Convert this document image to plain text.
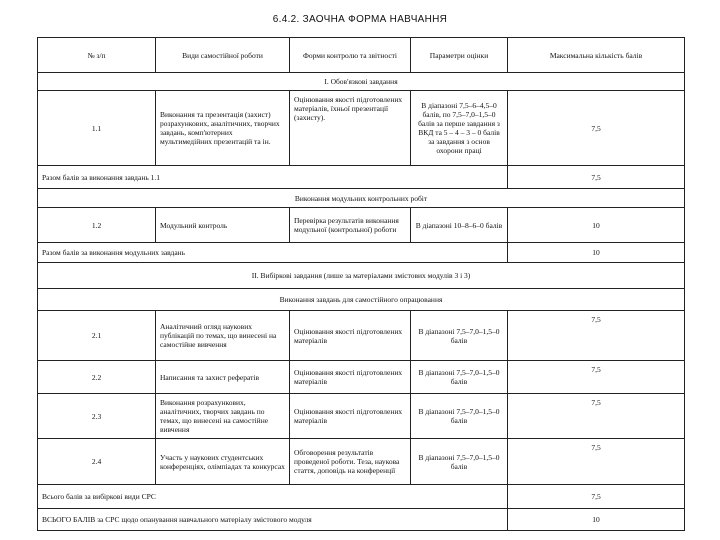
6.4.2. ЗАОЧНА ФОРМА НАВЧАННЯ
№ з/п	Види самостійної роботи	Форми контролю та звітності	Параметри оцінки	Максимальна кількість балів
І. Обов'язкові завдання				
1.1	Виконання та презентація (захист) розрахункових, аналітичних, творчих завдань, комп'ютерних мультимедійних презентацій та ін.	Оцінювання якості підготовлених матеріалів, їхньої презентації (захисту).	В діапазоні 7,5–6–4,5–0 балів, по 7,5–7,0–1,5–0 балів за перше завдання з ВКД та 5 – 4 – 3 – 0 балів за завдання з основ охорони праці	7,5
Разом балів за виконання завдань 1.1				7,5
Виконання модульних контрольних робіт				
1.2	Модульний контроль	Перевірка результатів виконання модульної (контрольної) роботи	В діапазоні 10–8–6–0 балів	10
Разом балів за виконання модульних завдань				10
ІІ. Вибіркові завдання (лише за матеріалами змістових модулів 3 і 3)				
Виконання завдань для самостійного опрацювання				
2.1	Аналітичний огляд наукових публікацій по темах, що винесені на самостійне вивчення	Оцінювання якості підготовлених матеріалів	В діапазоні 7,5–7,0–1,5–0 балів	7,5
2.2	Написання та захист рефератів	Оцінювання якості підготовлених матеріалів	В діапазоні 7,5–7,0–1,5–0 балів	7,5
2.3	Виконання розрахункових, аналітичних, творчих завдань по темах, що винесені на самостійне вивчення	Оцінювання якості підготовлених матеріалів	В діапазоні 7,5–7,0–1,5–0 балів	7,5
2.4	Участь у наукових студентських конференціях, олімпіадах та конкурсах	Обговорення результатів проведеної роботи. Теза, наукова стаття, доповідь на конференції	В діапазоні 7,5–7,0–1,5–0 балів	7,5
Всього балів за вибіркові види СРС				7,5
ВСЬОГО БАЛІВ за СРС щодо опанування навчального матеріалу змістового модуля				10
